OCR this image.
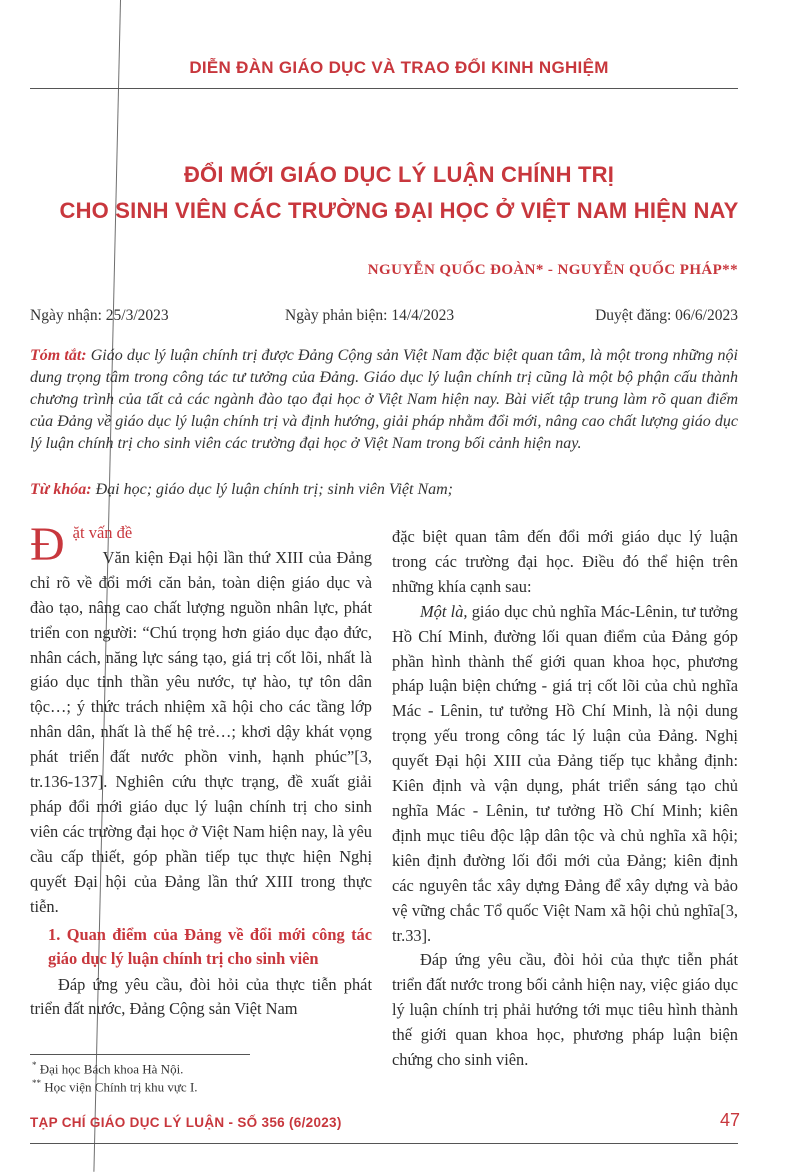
DIỄN ĐÀN GIÁO DỤC VÀ TRAO ĐỔI KINH NGHIỆM
ĐỔI MỚI GIÁO DỤC LÝ LUẬN CHÍNH TRỊ
CHO SINH VIÊN CÁC TRƯỜNG ĐẠI HỌC Ở VIỆT NAM HIỆN NAY
NGUYỄN QUỐC ĐOÀN* - NGUYỄN QUỐC PHÁP**
Ngày nhận: 25/3/2023	Ngày phản biện: 14/4/2023	Duyệt đăng: 06/6/2023
Tóm tắt: Giáo dục lý luận chính trị được Đảng Cộng sản Việt Nam đặc biệt quan tâm, là một trong những nội dung trọng tâm trong công tác tư tưởng của Đảng. Giáo dục lý luận chính trị cũng là một bộ phận cấu thành chương trình của tất cả các ngành đào tạo đại học ở Việt Nam hiện nay. Bài viết tập trung làm rõ quan điểm của Đảng về giáo dục lý luận chính trị và định hướng, giải pháp nhằm đổi mới, nâng cao chất lượng giáo dục lý luận chính trị cho sinh viên các trường đại học ở Việt Nam trong bối cảnh hiện nay.
Từ khóa: Đại học; giáo dục lý luận chính trị; sinh viên Việt Nam;
Đ ặt vấn đề

Văn kiện Đại hội lần thứ XIII của Đảng chỉ rõ về đổi mới căn bản, toàn diện giáo dục và đào tạo, nâng cao chất lượng nguồn nhân lực, phát triển con người: “Chú trọng hơn giáo dục đạo đức, nhân cách, năng lực sáng tạo, giá trị cốt lõi, nhất là giáo dục tinh thần yêu nước, tự hào, tự tôn dân tộc…; ý thức trách nhiệm xã hội cho các tầng lớp nhân dân, nhất là thế hệ trẻ…; khơi dậy khát vọng phát triển đất nước phồn vinh, hạnh phúc”[3, tr.136-137]. Nghiên cứu thực trạng, đề xuất giải pháp đổi mới giáo dục lý luận chính trị cho sinh viên các trường đại học ở Việt Nam hiện nay, là yêu cầu cấp thiết, góp phần tiếp tục thực hiện Nghị quyết Đại hội của Đảng lần thứ XIII trong thực tiễn.

1. Quan điểm của Đảng về đổi mới công tác giáo dục lý luận chính trị cho sinh viên

Đáp ứng yêu cầu, đòi hỏi của thực tiễn phát triển đất nước, Đảng Cộng sản Việt Nam

đặc biệt quan tâm đến đổi mới giáo dục lý luận trong các trường đại học. Điều đó thể hiện trên những khía cạnh sau:

Một là, giáo dục chủ nghĩa Mác-Lênin, tư tưởng Hồ Chí Minh, đường lối quan điểm của Đảng góp phần hình thành thế giới quan khoa học, phương pháp luận biện chứng - giá trị cốt lõi của chủ nghĩa Mác - Lênin, tư tưởng Hồ Chí Minh, là nội dung trọng yếu trong công tác lý luận của Đảng. Nghị quyết Đại hội XIII của Đảng tiếp tục khẳng định: Kiên định và vận dụng, phát triển sáng tạo chủ nghĩa Mác - Lênin, tư tưởng Hồ Chí Minh; kiên định mục tiêu độc lập dân tộc và chủ nghĩa xã hội; kiên định đường lối đổi mới của Đảng; kiên định các nguyên tắc xây dựng Đảng để xây dựng và bảo vệ vững chắc Tổ quốc Việt Nam xã hội chủ nghĩa[3, tr.33].

Đáp ứng yêu cầu, đòi hỏi của thực tiễn phát triển đất nước trong bối cảnh hiện nay, việc giáo dục lý luận chính trị phải hướng tới mục tiêu hình thành thế giới quan khoa học, phương pháp luận biện chứng cho sinh viên.

* Đại học Bách khoa Hà Nội.
** Học viện Chính trị khu vực I.
TẠP CHÍ GIÁO DỤC LÝ LUẬN - SỐ 356 (6/2023)	47
